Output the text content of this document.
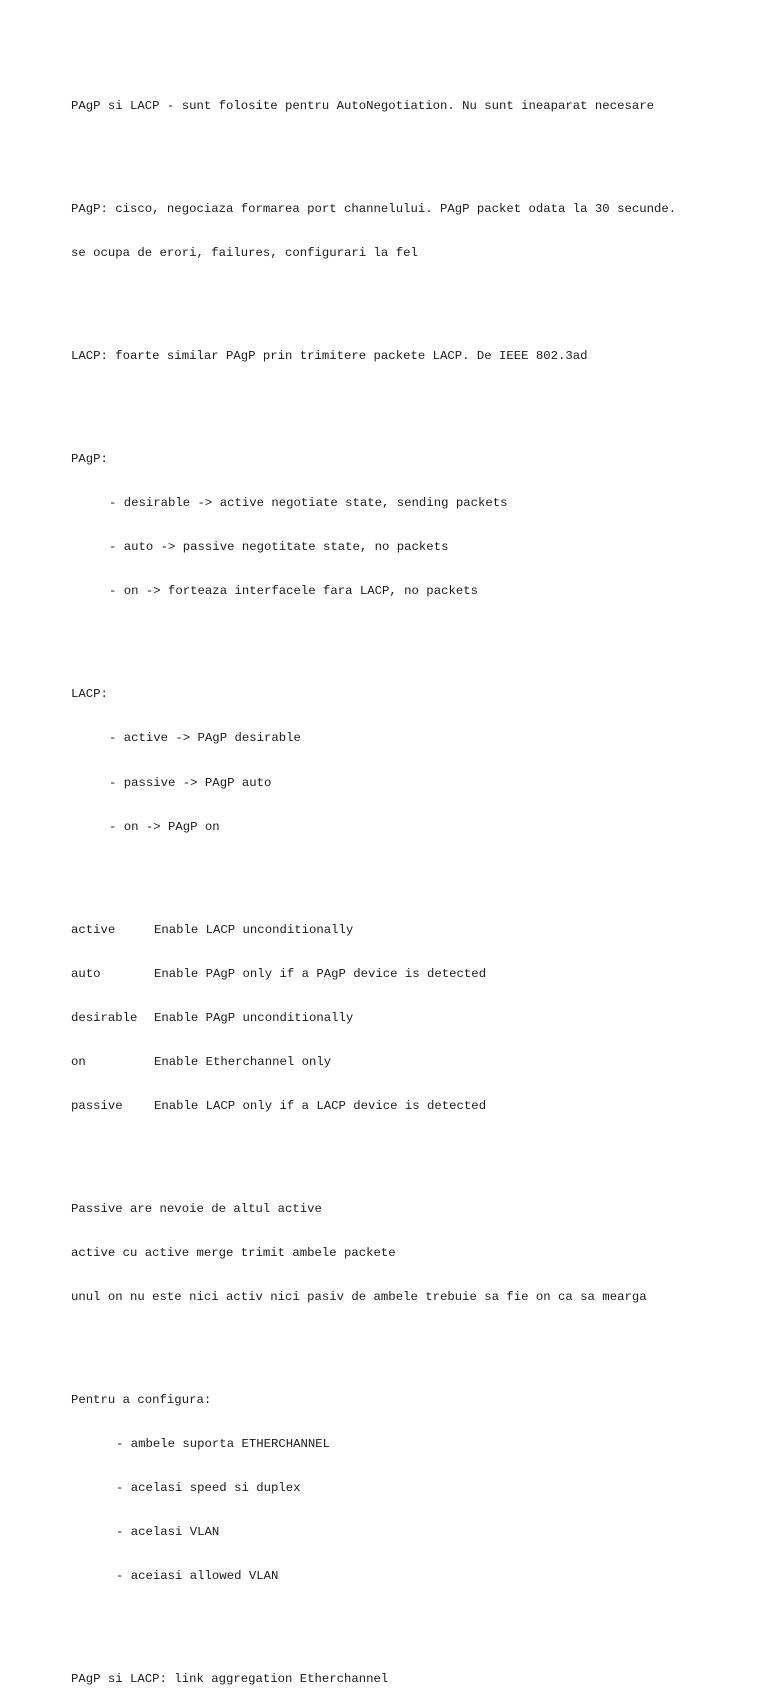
PAgP si LACP - sunt folosite pentru AutoNegotiation. Nu sunt ineaparat necesare

PAgP: cisco, negociaza formarea port channelului. PAgP packet odata la 30 secunde.

se ocupa de erori, failures, configurari la fel

LACP: foarte similar PAgP prin trimitere packete LACP. De IEEE 802.3ad

PAgP:

- desirable -> active negotiate state, sending packets

- auto -> passive negotitate state, no packets

- on -> forteaza interfacele fara LACP, no packets

LACP:

- active -> PAgP desirable

- passive -> PAgP auto

- on -> PAgP on

active	Enable LACP unconditionally

auto	Enable PAgP only if a PAgP device is detected

desirable Enable PAgP unconditionally

on	Enable Etherchannel only

passive	Enable LACP only if a LACP device is detected

Passive are nevoie de altul active

active cu active merge trimit ambele packete

unul on nu este nici activ nici pasiv de ambele trebuie sa fie on ca sa mearga

Pentru a configura:

- ambele suporta ETHERCHANNEL

- acelasi speed si duplex

- acelasi VLAN

- aceiasi allowed VLAN

PAgP si LACP: link aggregation Etherchannel
